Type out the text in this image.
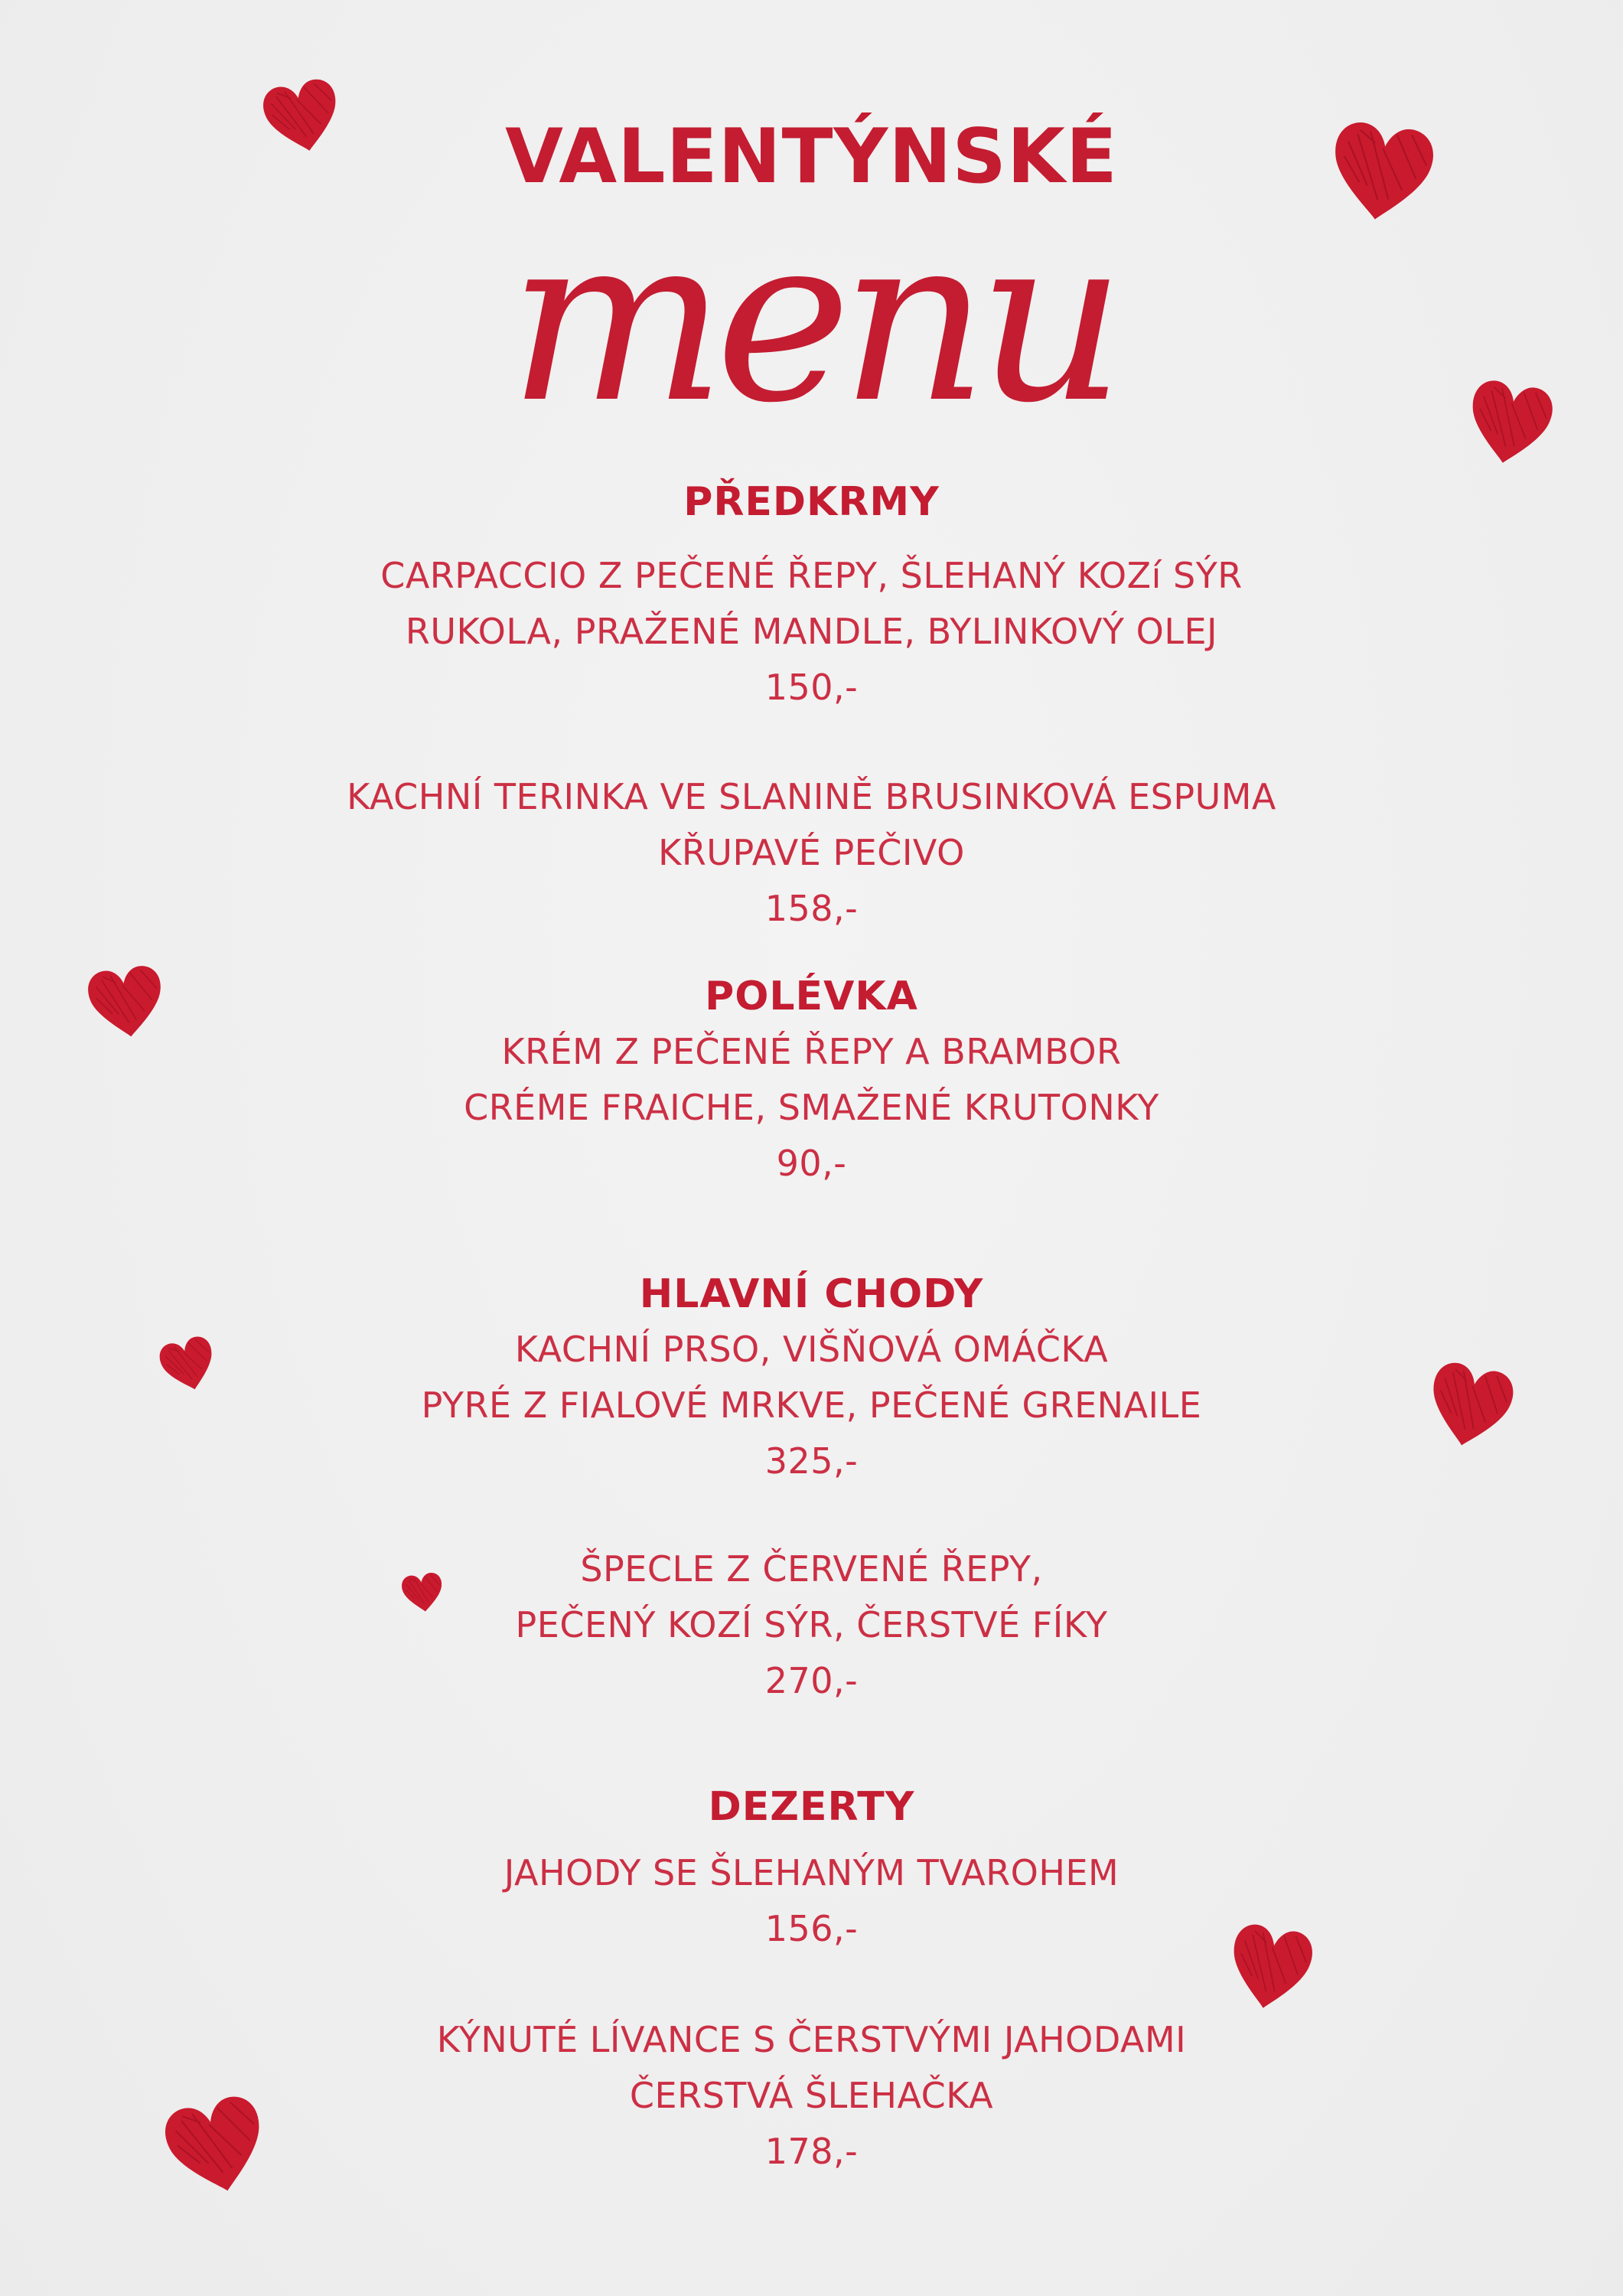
VALENTÝNSKÉ
menu
PŘEDKRMY
CARPACCIO Z PEČENÉ ŘEPY, ŠLEHANÝ KOZí SÝR
RUKOLA, PRAŽENÉ MANDLE, BYLINKOVÝ OLEJ
150,-
KACHNÍ TERINKA VE SLANINĚ BRUSINKOVÁ ESPUMA
KŘUPAVÉ PEČIVO
158,-
POLÉVKA
KRÉM Z PEČENÉ ŘEPY A BRAMBOR
CRÉME FRAICHE, SMAŽENÉ KRUTONKY
90,-
HLAVNÍ CHODY
KACHNÍ PRSO, VIŠŇOVÁ OMÁČKA
PYRÉ Z FIALOVÉ MRKVE, PEČENÉ GRENAILE
325,-
ŠPECLE Z ČERVENÉ ŘEPY,
PEČENÝ KOZÍ SÝR, ČERSTVÉ FÍKY
270,-
DEZERTY
JAHODY SE ŠLEHANÝM TVAROHEM
156,-
KÝNUTÉ LÍVANCE S ČERSTVÝMI JAHODAMI
ČERSTVÁ ŠLEHAČKA
178,-
